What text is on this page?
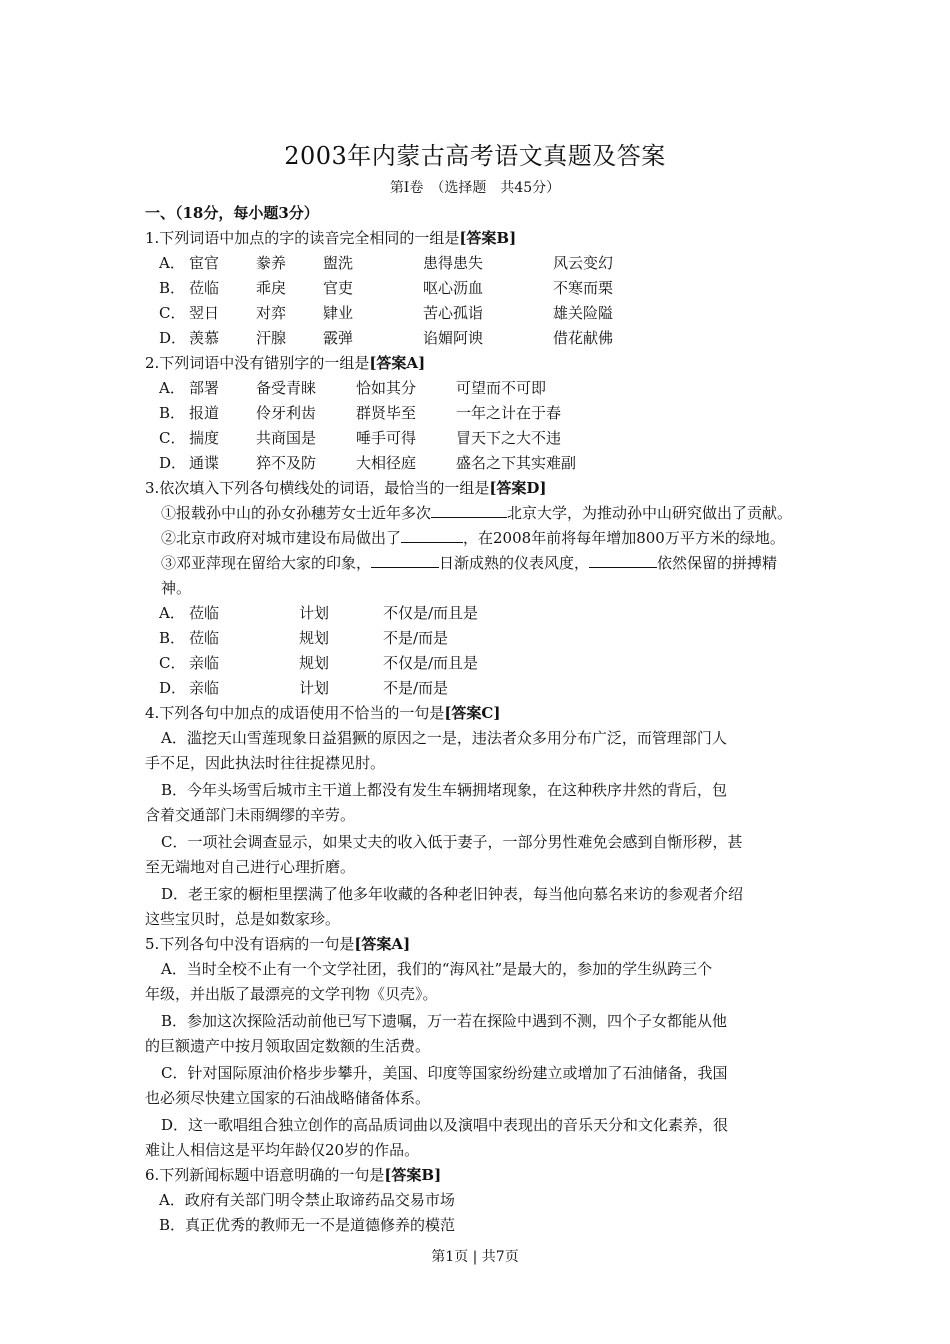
2003年内蒙古高考语文真题及答案
第Ⅰ卷　（选择题　共45分）
一、（18分，每小题3分）
1.下列词语中加点的字的读音完全相同的一组是[答案B]
A． 宦官	豢养	盥洗	患得患失	风云变幻
B． 莅临	乖戾	官吏	呕心沥血	不寒而栗
C． 翌日	对弈	肄业	苦心孤诣	雄关险隘
D． 羡慕	汗腺	霰弹	谄媚阿谀	借花献佛
2.下列词语中没有错别字的一组是[答案A]
A． 部署	备受青睐	恰如其分	可望而不可即
B． 报道	伶牙利齿	群贤毕至	一年之计在于春
C． 揣度	共商国是	唾手可得	冒天下之大不违
D． 通谍	猝不及防	大相径庭	盛名之下其实难副
3.依次填入下列各句横线处的词语，最恰当的一组是[答案D]
①报载孙中山的孙女孙穗芳女士近年多次	北京大学，为推动孙中山研究做出了贡献。
②北京市政府对城市建设布局做出了	，在2008年前将每年增加800万平方米的绿地。
③邓亚萍现在留给大家的印象，	日渐成熟的仪表风度，	依然保留的拼搏精
神。
A． 莅临	计划	不仅是/而且是
B． 莅临	规划	不是/而是
C． 亲临	规划	不仅是/而且是
D． 亲临	计划	不是/而是
4.下列各句中加点的成语使用不恰当的一句是[答案C]
A．滥挖天山雪莲现象日益猖獗的原因之一是，违法者众多用分布广泛，而管理部门人
手不足，因此执法时往往捉襟见肘。
B．今年头场雪后城市主干道上都没有发生车辆拥堵现象，在这种秩序井然的背后，包
含着交通部门未雨绸缪的辛劳。
C．一项社会调查显示，如果丈夫的收入低于妻子，一部分男性难免会感到自惭形秽，甚
至无端地对自己进行心理折磨。
D．老王家的橱柜里摆满了他多年收藏的各种老旧钟表，每当他向慕名来访的参观者介绍
这些宝贝时，总是如数家珍。
5.下列各句中没有语病的一句是[答案A]
A．当时全校不止有一个文学社团，我们的“海风社”是最大的，参加的学生纵跨三个
年级，并出版了最漂亮的文学刊物《贝壳》。
B．参加这次探险活动前他已写下遗嘱，万一若在探险中遇到不测，四个子女都能从他
的巨额遗产中按月领取固定数额的生活费。
C．针对国际原油价格步步攀升，美国、印度等国家纷纷建立或增加了石油储备，我国
也必须尽快建立国家的石油战略储备体系。
D．这一歌唱组合独立创作的高品质词曲以及演唱中表现出的音乐天分和文化素养，很
难让人相信这是平均年龄仅20岁的作品。
6.下列新闻标题中语意明确的一句是[答案B]
A．政府有关部门明令禁止取谛药品交易市场
B．真正优秀的教师无一不是道德修养的模范
第1页 | 共7页
